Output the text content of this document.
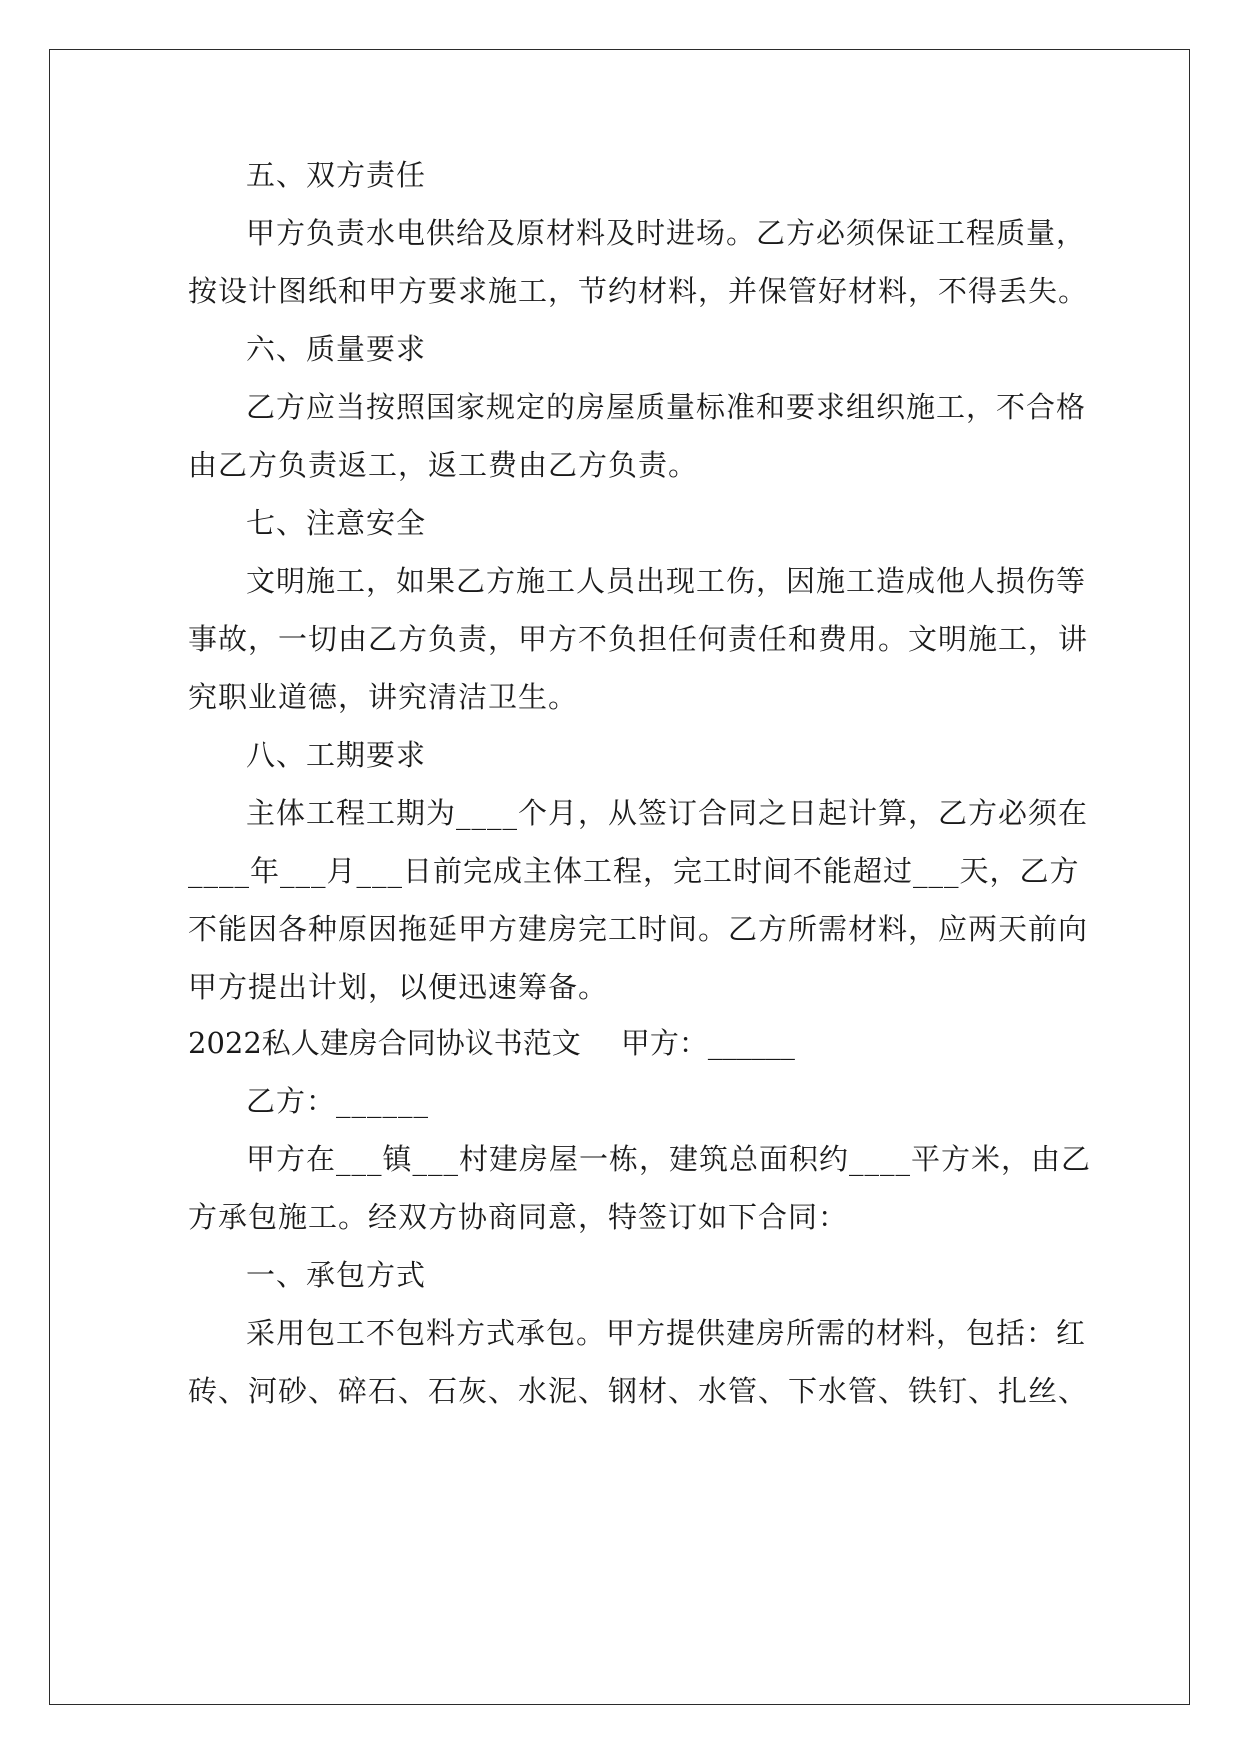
五、双方责任
甲方负责水电供给及原材料及时进场。乙方必须保证工程质量，
按设计图纸和甲方要求施工，节约材料，并保管好材料，不得丢失。
六、质量要求
乙方应当按照国家规定的房屋质量标准和要求组织施工，不合格
由乙方负责返工，返工费由乙方负责。
七、注意安全
文明施工，如果乙方施工人员出现工伤，因施工造成他人损伤等
事故，一切由乙方负责，甲方不负担任何责任和费用。文明施工，讲
究职业道德，讲究清洁卫生。
八、工期要求
主体工程工期为____个月，从签订合同之日起计算，乙方必须在
____年___月___日前完成主体工程，完工时间不能超过___天，乙方
不能因各种原因拖延甲方建房完工时间。乙方所需材料，应两天前向
甲方提出计划，以便迅速筹备。
2022私人建房合同协议书范文 甲方：______
乙方：______
甲方在___镇___村建房屋一栋，建筑总面积约____平方米，由乙
方承包施工。经双方协商同意，特签订如下合同：
一、承包方式
采用包工不包料方式承包。甲方提供建房所需的材料，包括：红
砖、河砂、碎石、石灰、水泥、钢材、水管、下水管、铁钉、扎丝、
